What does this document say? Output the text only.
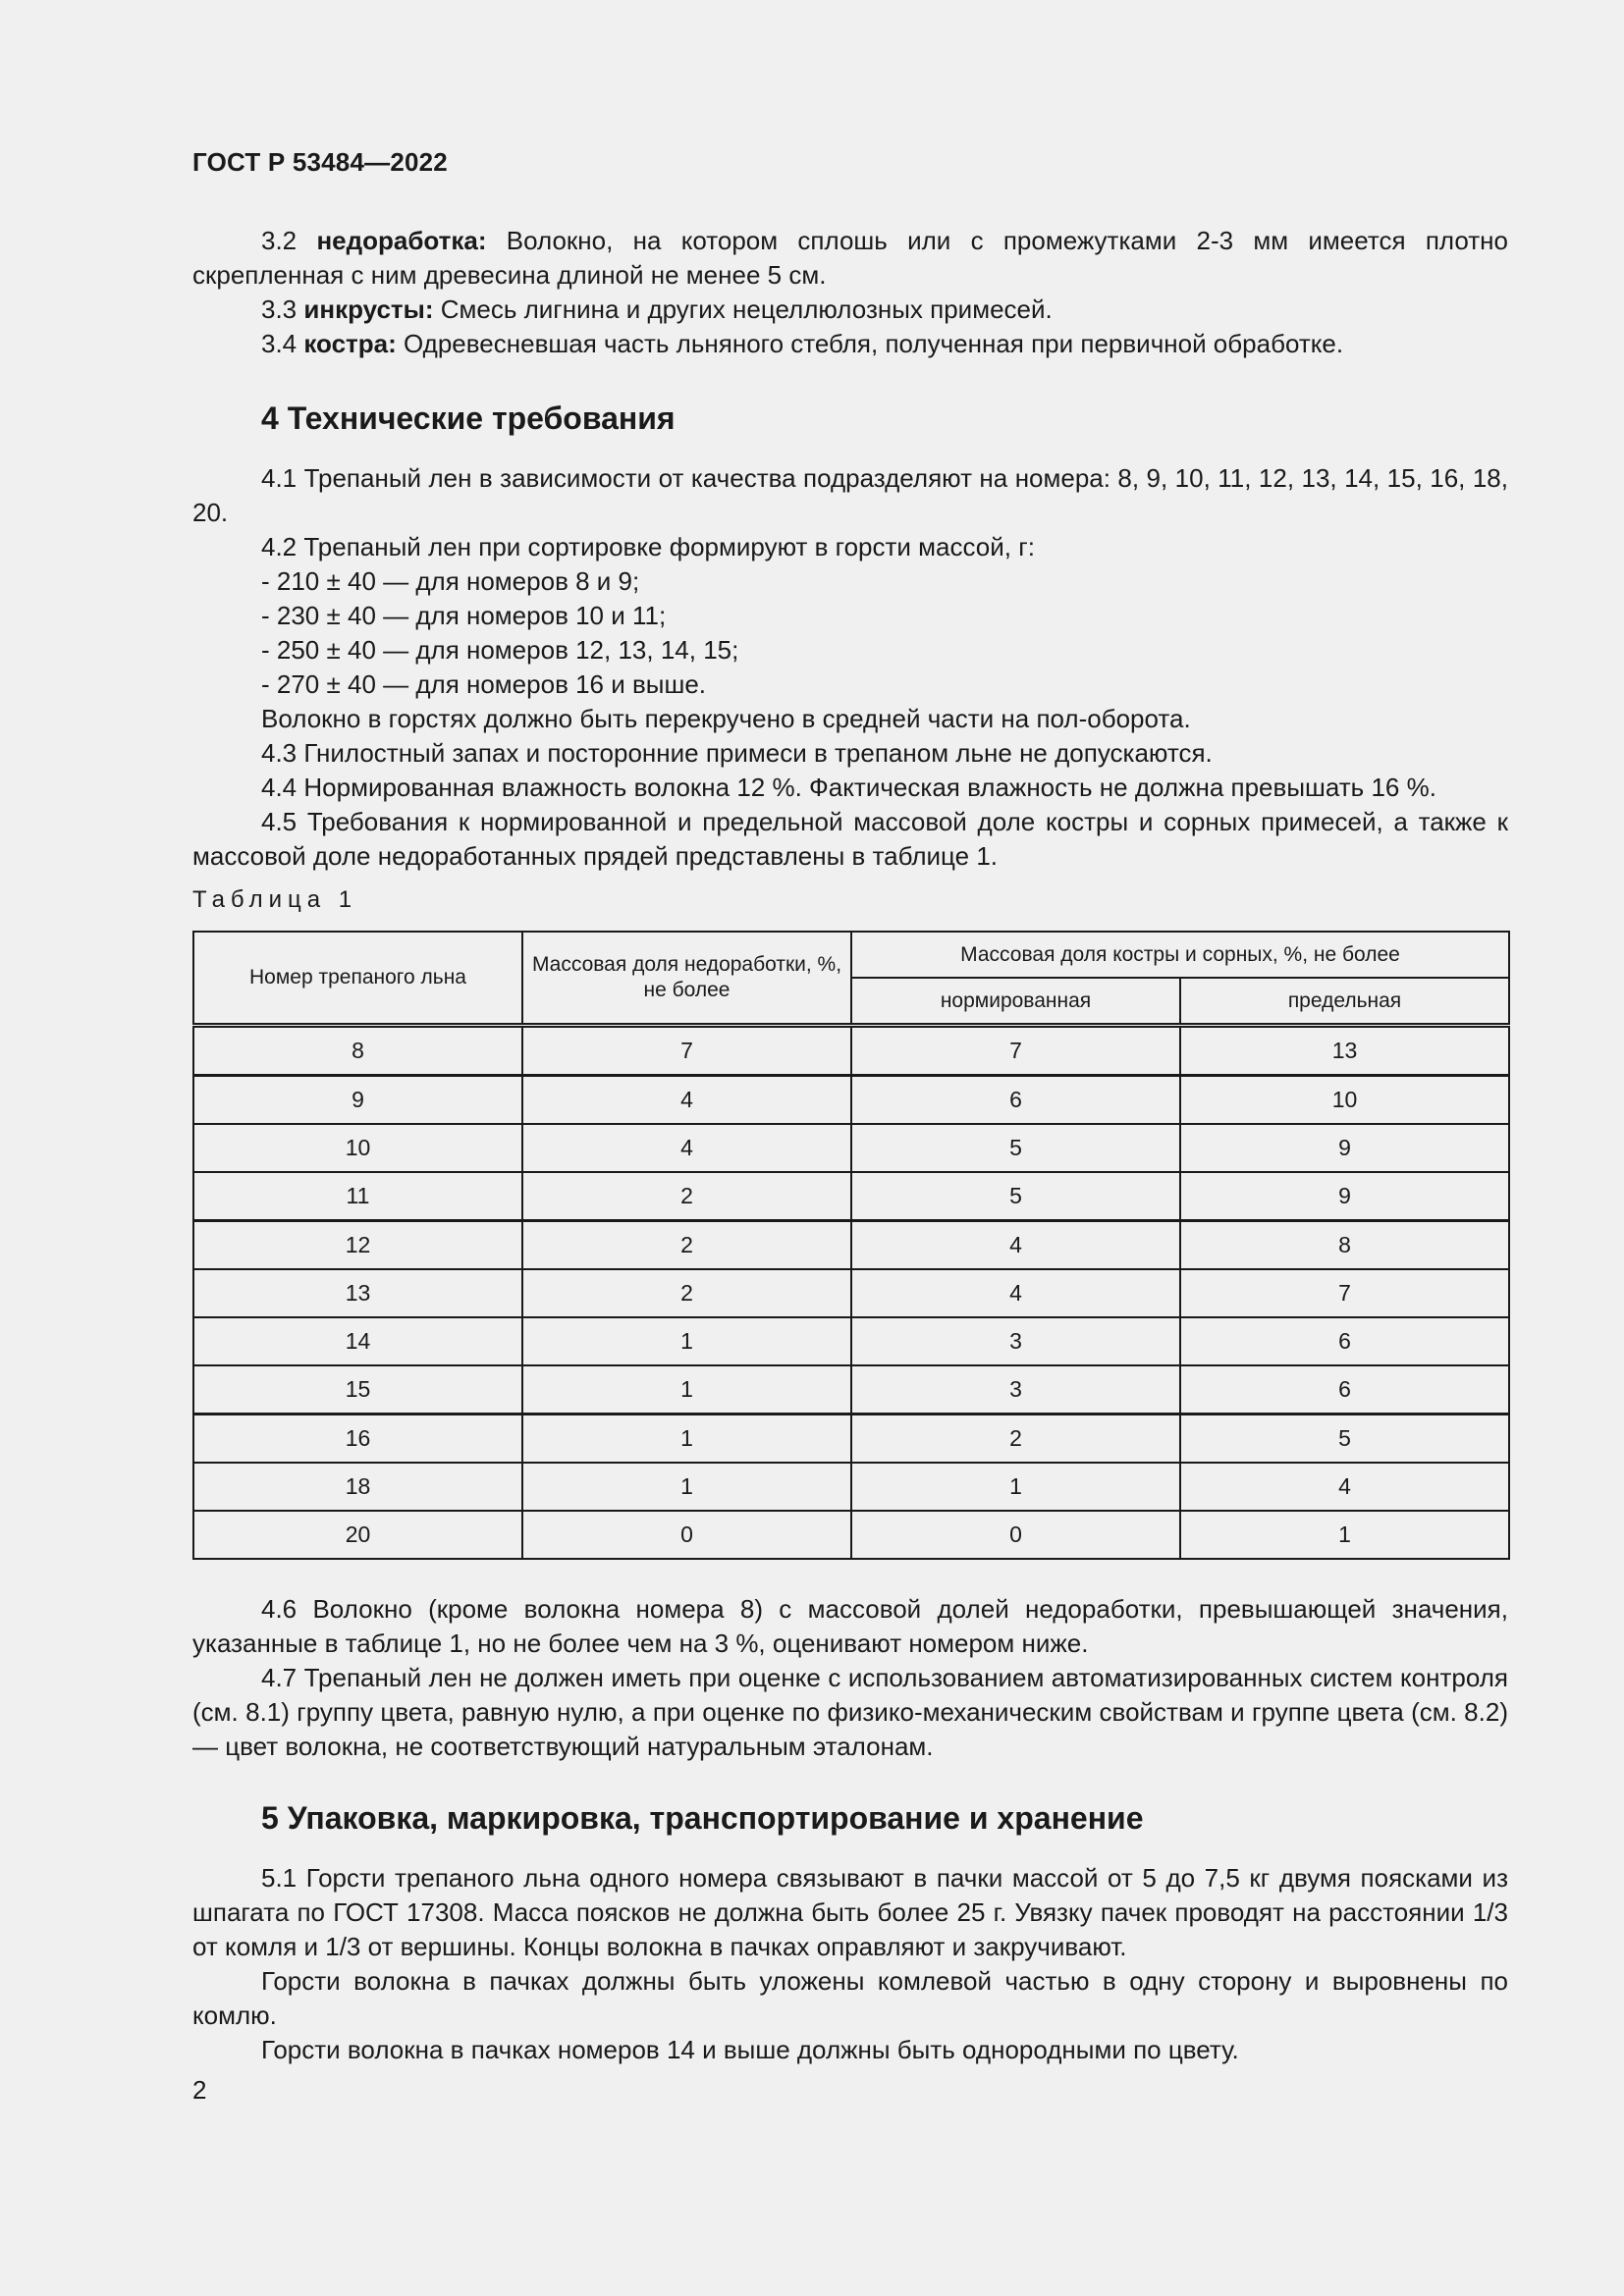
ГОСТ Р 53484—2022

3.2 недоработка: Волокно, на котором сплошь или с промежутками 2-3 мм имеется плотно скрепленная с ним древесина длиной не менее 5 см.

3.3 инкрусты: Смесь лигнина и других нецеллюлозных примесей.

3.4 костра: Одревесневшая часть льняного стебля, полученная при первичной обработке.

4 Технические требования

4.1 Трепаный лен в зависимости от качества подразделяют на номера: 8, 9, 10, 11, 12, 13, 14, 15, 16, 18, 20.

4.2 Трепаный лен при сортировке формируют в горсти массой, г:

- 210 ± 40 — для номеров 8 и 9;

- 230 ± 40 — для номеров 10 и 11;

- 250 ± 40 — для номеров 12, 13, 14, 15;

- 270 ± 40 — для номеров 16 и выше.

Волокно в горстях должно быть перекручено в средней части на пол-оборота.

4.3 Гнилостный запах и посторонние примеси в трепаном льне не допускаются.

4.4 Нормированная влажность волокна 12 %. Фактическая влажность не должна превышать 16 %.

4.5 Требования к нормированной и предельной массовой доле костры и сорных примесей, а также к массовой доле недоработанных прядей представлены в таблице 1.

Таблица 1

Номер трепаного льна	Массовая доля недоработки, %, не более	Массовая доля костры и сорных, %, не более	
		нормированная	предельная
8	7	7	13
9	4	6	10
10	4	5	9
11	2	5	9
12	2	4	8
13	2	4	7
14	1	3	6
15	1	3	6
16	1	2	5
18	1	1	4
20	0	0	1

4.6 Волокно (кроме волокна номера 8) с массовой долей недоработки, превышающей значения, указанные в таблице 1, но не более чем на 3 %, оценивают номером ниже.

4.7 Трепаный лен не должен иметь при оценке с использованием автоматизированных систем контроля (см. 8.1) группу цвета, равную нулю, а при оценке по физико-механическим свойствам и группе цвета (см. 8.2) — цвет волокна, не соответствующий натуральным эталонам.

5 Упаковка, маркировка, транспортирование и хранение

5.1 Горсти трепаного льна одного номера связывают в пачки массой от 5 до 7,5 кг двумя поясками из шпагата по ГОСТ 17308. Масса поясков не должна быть более 25 г. Увязку пачек проводят на расстоянии 1/3 от комля и 1/3 от вершины. Концы волокна в пачках оправляют и закручивают.

Горсти волокна в пачках должны быть уложены комлевой частью в одну сторону и выровнены по комлю.

Горсти волокна в пачках номеров 14 и выше должны быть однородными по цвету.

2
